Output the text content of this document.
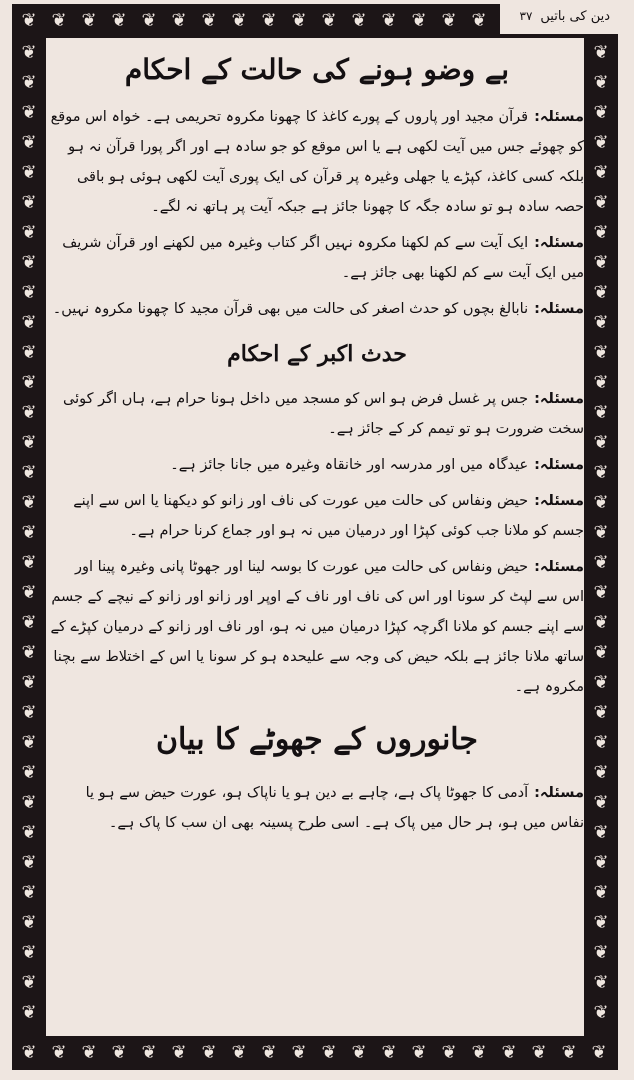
❦
❦
❦
❦
❦
❦
❦
❦
❦
❦
❦
❦
❦
❦
❦
❦
❦
❦
❦
❦
❦
❦
❦
❦
❦
❦
❦
❦
❦
❦
❦
❦ ❦ ❦ ❦ ❦
❦	❦
❦	❦
❦	❦
❦	❦
❦	❦
❦	❦
❦	❦
❦	❦
❦	❦
❦	❦
❦	❦
❦	❦
❦	❦
❦	❦
❦	❦
❦	❦
❦	❦
❦	❦
❦	❦
❦	❦
❦	❦
❦	❦
❦	❦
❦	❦
❦	❦
❦	❦
❦	❦
❦	❦
❦	❦
❦	❦
❦	❦
❦	❦
❦	❦
دین کی باتیں
۳۷
بے وضو ہونے کی حالت کے احکام

مسئلہ:قرآن مجید اور پاروں کے پورے کاغذ کا چھونا مکروہ تحریمی ہے۔ خواہ اس موقع کو چھوئے جس میں آیت لکھی ہے یا اس موقع کو جو سادہ ہے اور اگر پورا قرآن نہ ہو بلکہ کسی کاغذ، کپڑے یا جھلی وغیرہ پر قرآن کی ایک پوری آیت لکھی ہوئی ہو باقی حصہ سادہ ہو تو سادہ جگہ کا چھونا جائز ہے جبکہ آیت پر ہاتھ نہ لگے۔

مسئلہ:ایک آیت سے کم لکھنا مکروہ نہیں اگر کتاب وغیرہ میں لکھنے اور قرآن شریف میں ایک آیت سے کم لکھنا بھی جائز ہے۔

مسئلہ:نابالغ بچوں کو حدث اصغر کی حالت میں بھی قرآن مجید کا چھونا مکروہ نہیں۔

حدث اکبر کے احکام

مسئلہ:جس پر غسل فرض ہو اس کو مسجد میں داخل ہونا حرام ہے، ہاں اگر کوئی سخت ضرورت ہو تو تیمم کر کے جائز ہے۔

مسئلہ:عیدگاہ میں اور مدرسہ اور خانقاہ وغیرہ میں جانا جائز ہے۔

مسئلہ:حیض ونفاس کی حالت میں عورت کی ناف اور زانو کو دیکھنا یا اس سے اپنے جسم کو ملانا جب کوئی کپڑا اور درمیان میں نہ ہو اور جماع کرنا حرام ہے۔

مسئلہ:حیض ونفاس کی حالت میں عورت کا بوسہ لینا اور جھوٹا پانی وغیرہ پینا اور اس سے لپٹ کر سونا اور اس کی ناف اور ناف کے اوپر اور زانو اور زانو کے نیچے کے جسم سے اپنے جسم کو ملانا اگرچہ کپڑا درمیان میں نہ ہو، اور ناف اور زانو کے درمیان کپڑے کے ساتھ ملانا جائز ہے بلکہ حیض کی وجہ سے علیحدہ ہو کر سونا یا اس کے اختلاط سے بچنا مکروہ ہے۔

جانوروں کے جھوٹے کا بیان

مسئلہ:آدمی کا جھوٹا پاک ہے، چاہے بے دین ہو یا ناپاک ہو، عورت حیض سے ہو یا نفاس میں ہو، ہر حال میں پاک ہے۔ اسی طرح پسینہ بھی ان سب کا پاک ہے۔
